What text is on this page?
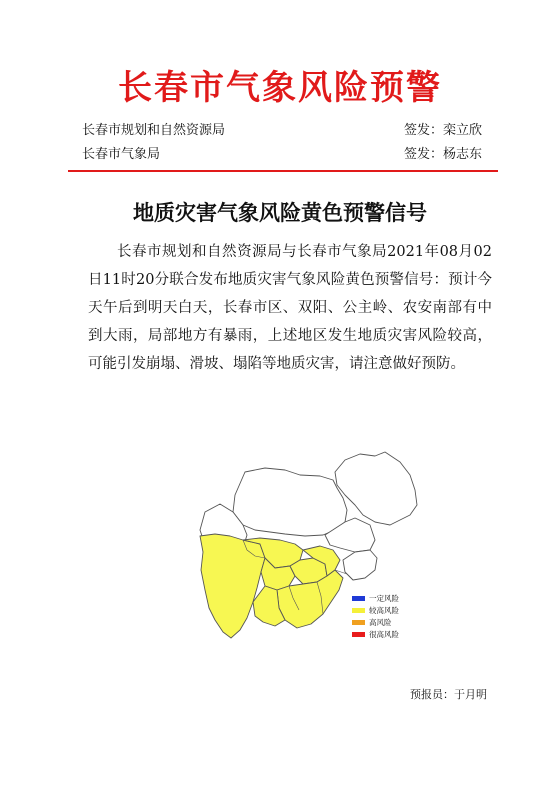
长春市气象风险预警
长春市规划和自然资源局	签发：栾立欣
长春市气象局	签发：杨志东
地质灾害气象风险黄色预警信号
长春市规划和自然资源局与长春市气象局2021年08月02日11时20分联合发布地质灾害气象风险黄色预警信号：预计今天午后到明天白天，长春市区、双阳、公主岭、农安南部有中到大雨，局部地方有暴雨，上述地区发生地质灾害风险较高，可能引发崩塌、滑坡、塌陷等地质灾害，请注意做好预防。
一定风险
较高风险
高风险
很高风险
预报员：于月明
